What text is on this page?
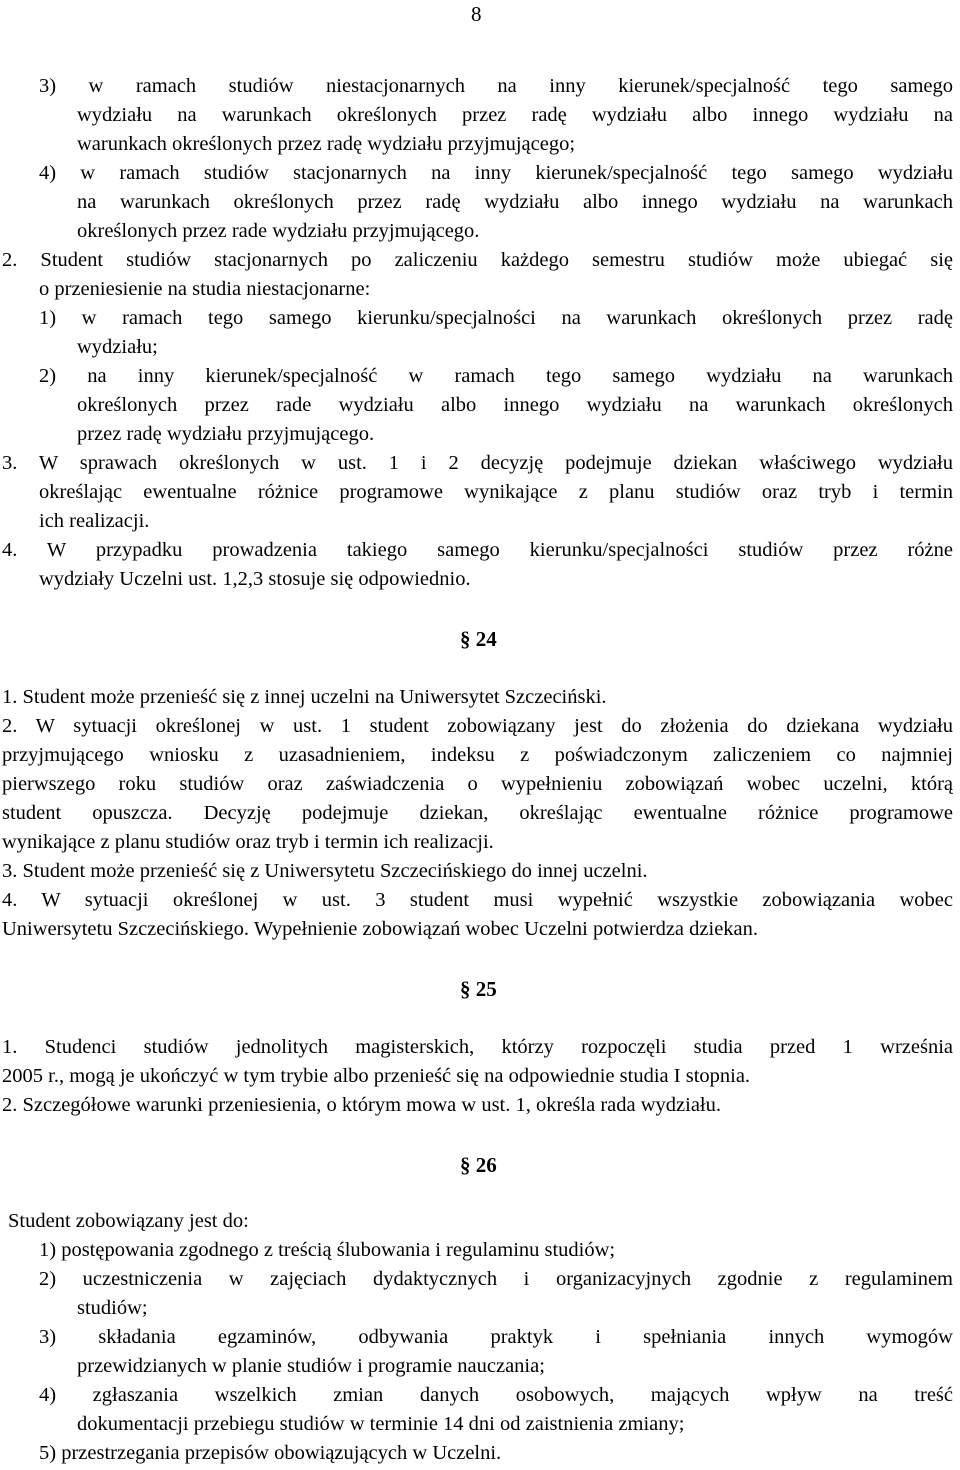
8
3) w ramach studiów niestacjonarnych na inny kierunek/specjalność tego samego
wydziału na warunkach określonych przez radę wydziału albo innego wydziału na
warunkach określonych przez radę wydziału przyjmującego;
4) w ramach studiów stacjonarnych na inny kierunek/specjalność tego samego wydziału
na warunkach określonych przez radę wydziału albo innego wydziału na warunkach
określonych przez rade wydziału przyjmującego.
2. Student studiów stacjonarnych po zaliczeniu każdego semestru studiów może ubiegać się
o przeniesienie na studia niestacjonarne:
1) w ramach tego samego kierunku/specjalności na warunkach określonych przez radę
wydziału;
2) na inny kierunek/specjalność w ramach tego samego wydziału na warunkach
określonych przez rade wydziału albo innego wydziału na warunkach określonych
przez radę wydziału przyjmującego.
3. W sprawach określonych w ust. 1 i 2 decyzję podejmuje dziekan właściwego wydziału
określając ewentualne różnice programowe wynikające z planu studiów oraz tryb i termin
ich realizacji.
4. W przypadku prowadzenia takiego samego kierunku/specjalności studiów przez różne
wydziały Uczelni ust. 1,2,3 stosuje się odpowiednio.
§ 24
1. Student może przenieść się z innej uczelni na Uniwersytet Szczeciński.
2. W sytuacji określonej w ust. 1 student zobowiązany jest do złożenia do dziekana wydziału
przyjmującego wniosku z uzasadnieniem, indeksu z poświadczonym zaliczeniem co najmniej
pierwszego roku studiów oraz zaświadczenia o wypełnieniu zobowiązań wobec uczelni, którą
student opuszcza. Decyzję podejmuje dziekan, określając ewentualne różnice programowe
wynikające z planu studiów oraz tryb i termin ich realizacji.
3. Student może przenieść się z Uniwersytetu Szczecińskiego do innej uczelni.
4. W sytuacji określonej w ust. 3 student musi wypełnić wszystkie zobowiązania wobec
Uniwersytetu Szczecińskiego. Wypełnienie zobowiązań wobec Uczelni potwierdza dziekan.
§ 25
1. Studenci studiów jednolitych magisterskich, którzy rozpoczęli studia przed 1 września
2005 r., mogą je ukończyć w tym trybie albo przenieść się na odpowiednie studia I stopnia.
2. Szczegółowe warunki przeniesienia, o którym mowa w ust. 1, określa rada wydziału.
§ 26
Student zobowiązany jest do:
1) postępowania zgodnego z treścią ślubowania i regulaminu studiów;
2) uczestniczenia w zajęciach dydaktycznych i organizacyjnych zgodnie z regulaminem
studiów;
3) składania egzaminów, odbywania praktyk i spełniania innych wymogów
przewidzianych w planie studiów i programie nauczania;
4) zgłaszania wszelkich zmian danych osobowych, mających wpływ na treść
dokumentacji przebiegu studiów w terminie 14 dni od zaistnienia zmiany;
5) przestrzegania przepisów obowiązujących w Uczelni.
